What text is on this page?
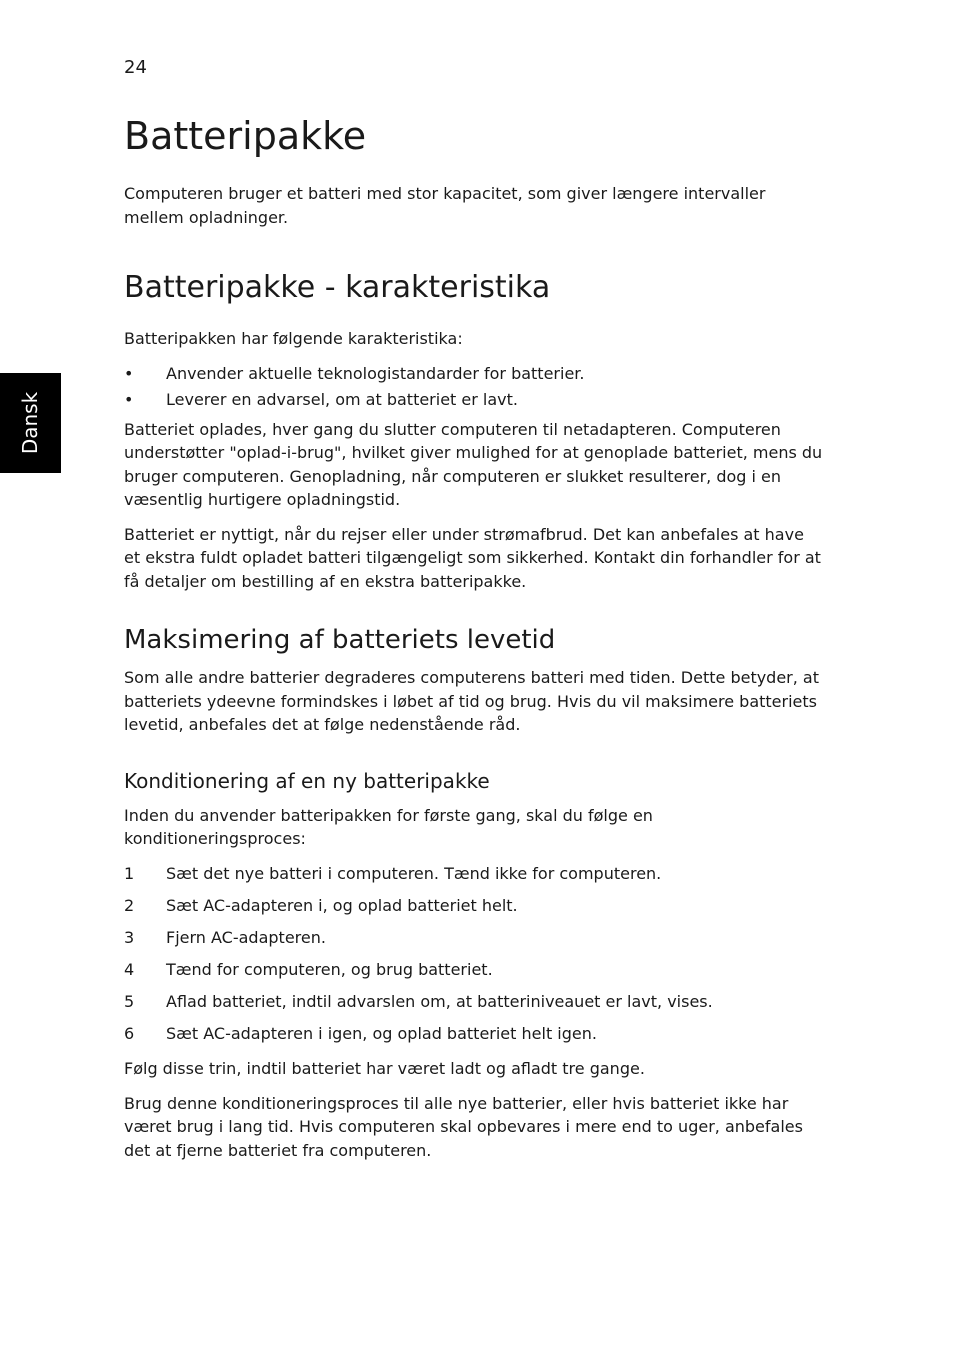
24
Dansk
Batteripakke

Computeren bruger et batteri med stor kapacitet, som giver længere intervaller mellem opladninger.

Batteripakke - karakteristika

Batteripakken har følgende karakteristika:

• Anvender aktuelle teknologistandarder for batterier.
• Leverer en advarsel, om at batteriet er lavt.

Batteriet oplades, hver gang du slutter computeren til netadapteren. Computeren understøtter "oplad-i-brug", hvilket giver mulighed for at genoplade batteriet, mens du bruger computeren. Genopladning, når computeren er slukket resulterer, dog i en væsentlig hurtigere opladningstid.

Batteriet er nyttigt, når du rejser eller under strømafbrud. Det kan anbefales at have et ekstra fuldt opladet batteri tilgængeligt som sikkerhed. Kontakt din forhandler for at få detaljer om bestilling af en ekstra batteripakke.

Maksimering af batteriets levetid

Som alle andre batterier degraderes computerens batteri med tiden. Dette betyder, at batteriets ydeevne formindskes i løbet af tid og brug. Hvis du vil maksimere batteriets levetid, anbefales det at følge nedenstående råd.

Konditionering af en ny batteripakke

Inden du anvender batteripakken for første gang, skal du følge en konditioneringsproces:

1 Sæt det nye batteri i computeren. Tænd ikke for computeren.
2 Sæt AC-adapteren i, og oplad batteriet helt.
3 Fjern AC-adapteren.
4 Tænd for computeren, og brug batteriet.
5 Aflad batteriet, indtil advarslen om, at batteriniveauet er lavt, vises.
6 Sæt AC-adapteren i igen, og oplad batteriet helt igen.

Følg disse trin, indtil batteriet har været ladt og afladt tre gange.

Brug denne konditioneringsproces til alle nye batterier, eller hvis batteriet ikke har været brug i lang tid. Hvis computeren skal opbevares i mere end to uger, anbefales det at fjerne batteriet fra computeren.
